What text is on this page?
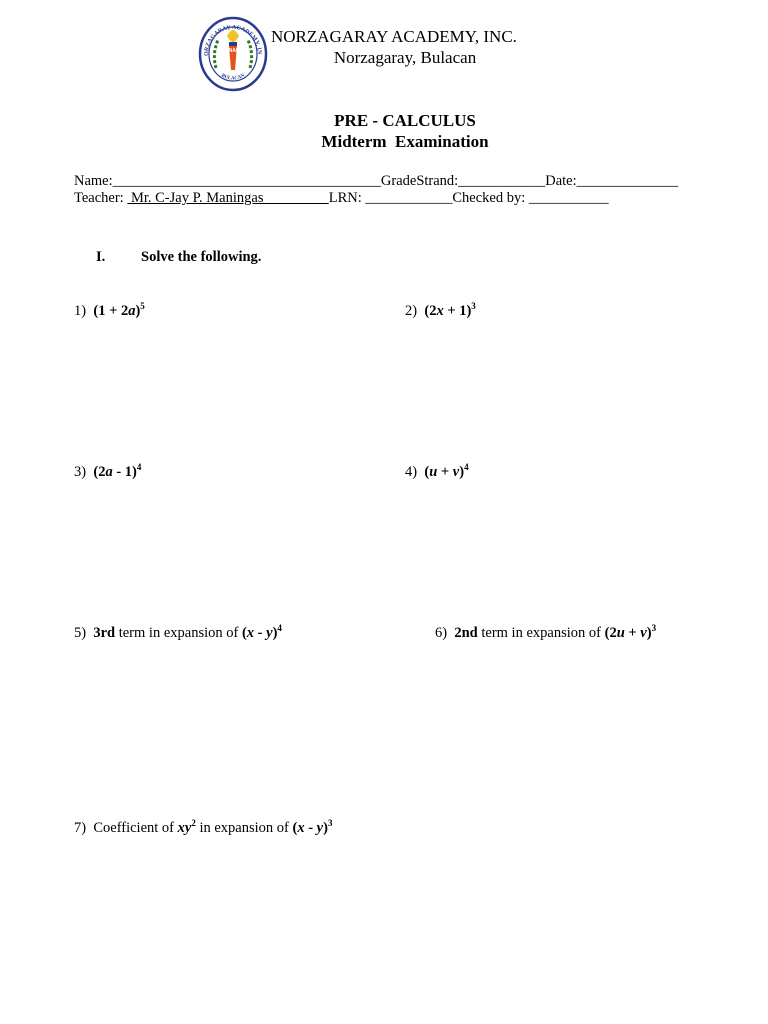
NAI
ORZAGARAY ACADEMY, IN
BULACAN
NORZAGARAY ACADEMY, INC.
Norzagaray, Bulacan
PRE - CALCULUS
Midterm  Examination
Name:_____________________________________GradeStrand:____________Date:______________
Teacher:  Mr. C-Jay P. Maningas                  LRN: ____________Checked by: ___________
I. Solve the following.
1) $(1 + 2a)^5$	2) $(2x + 1)^3$
3) (2a - 1)$^4$	4) $(u + v)^4$
5) 3rd term in expansion of (x - y)$^4$	6) 2nd term in expansion of $(2u + v)^3$
7) Coefficient of $xy^2$ in expansion of (x - y)$^3$
